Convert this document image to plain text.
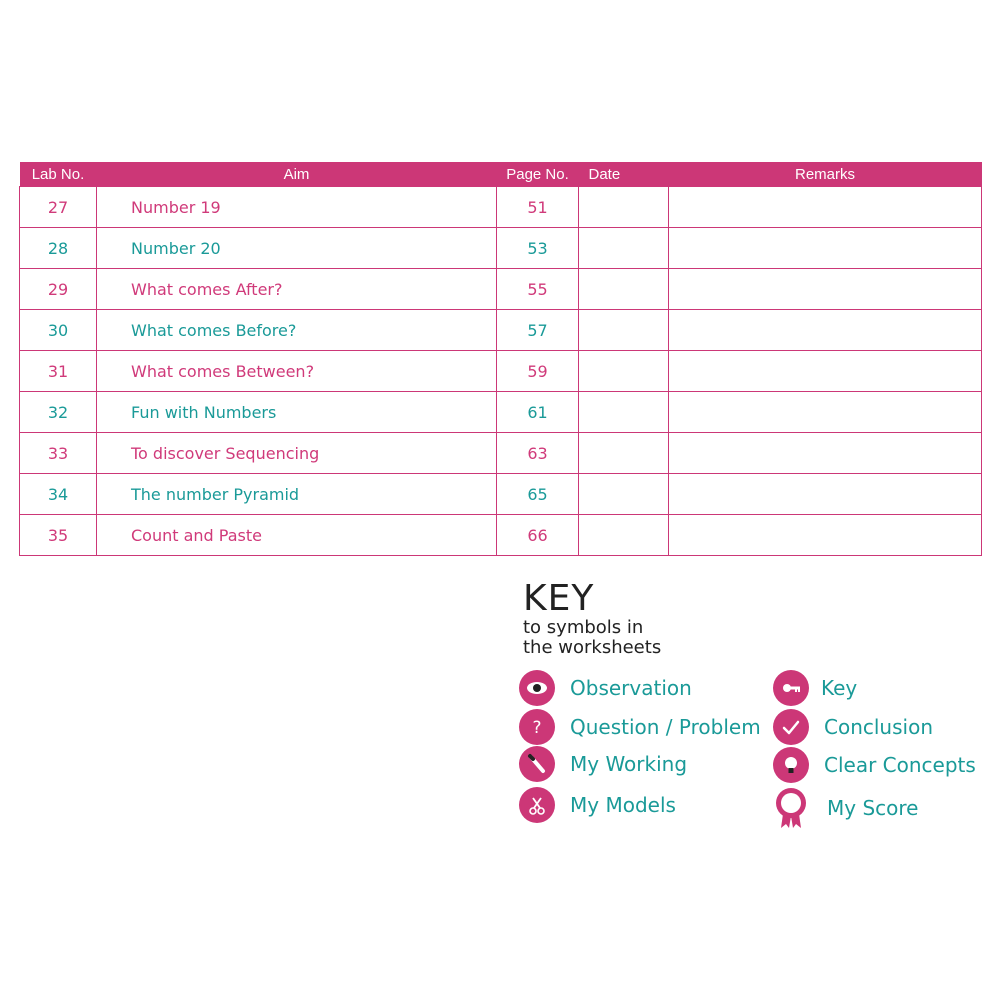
Lab No.	Aim	Page No.	Date	Remarks
27	Number 19	51		
28	Number 20	53		
29	What comes After?	55		
30	What comes Before?	57		
31	What comes Between?	59		
32	Fun with Numbers	61		
33	To discover Sequencing	63		
34	The number Pyramid	65		
35	Count and Paste	66		
KEY
to symbols in
the worksheets
Observation
? Question / Problem
My Working
My Models
Key
Conclusion
Clear Concepts
My Score
